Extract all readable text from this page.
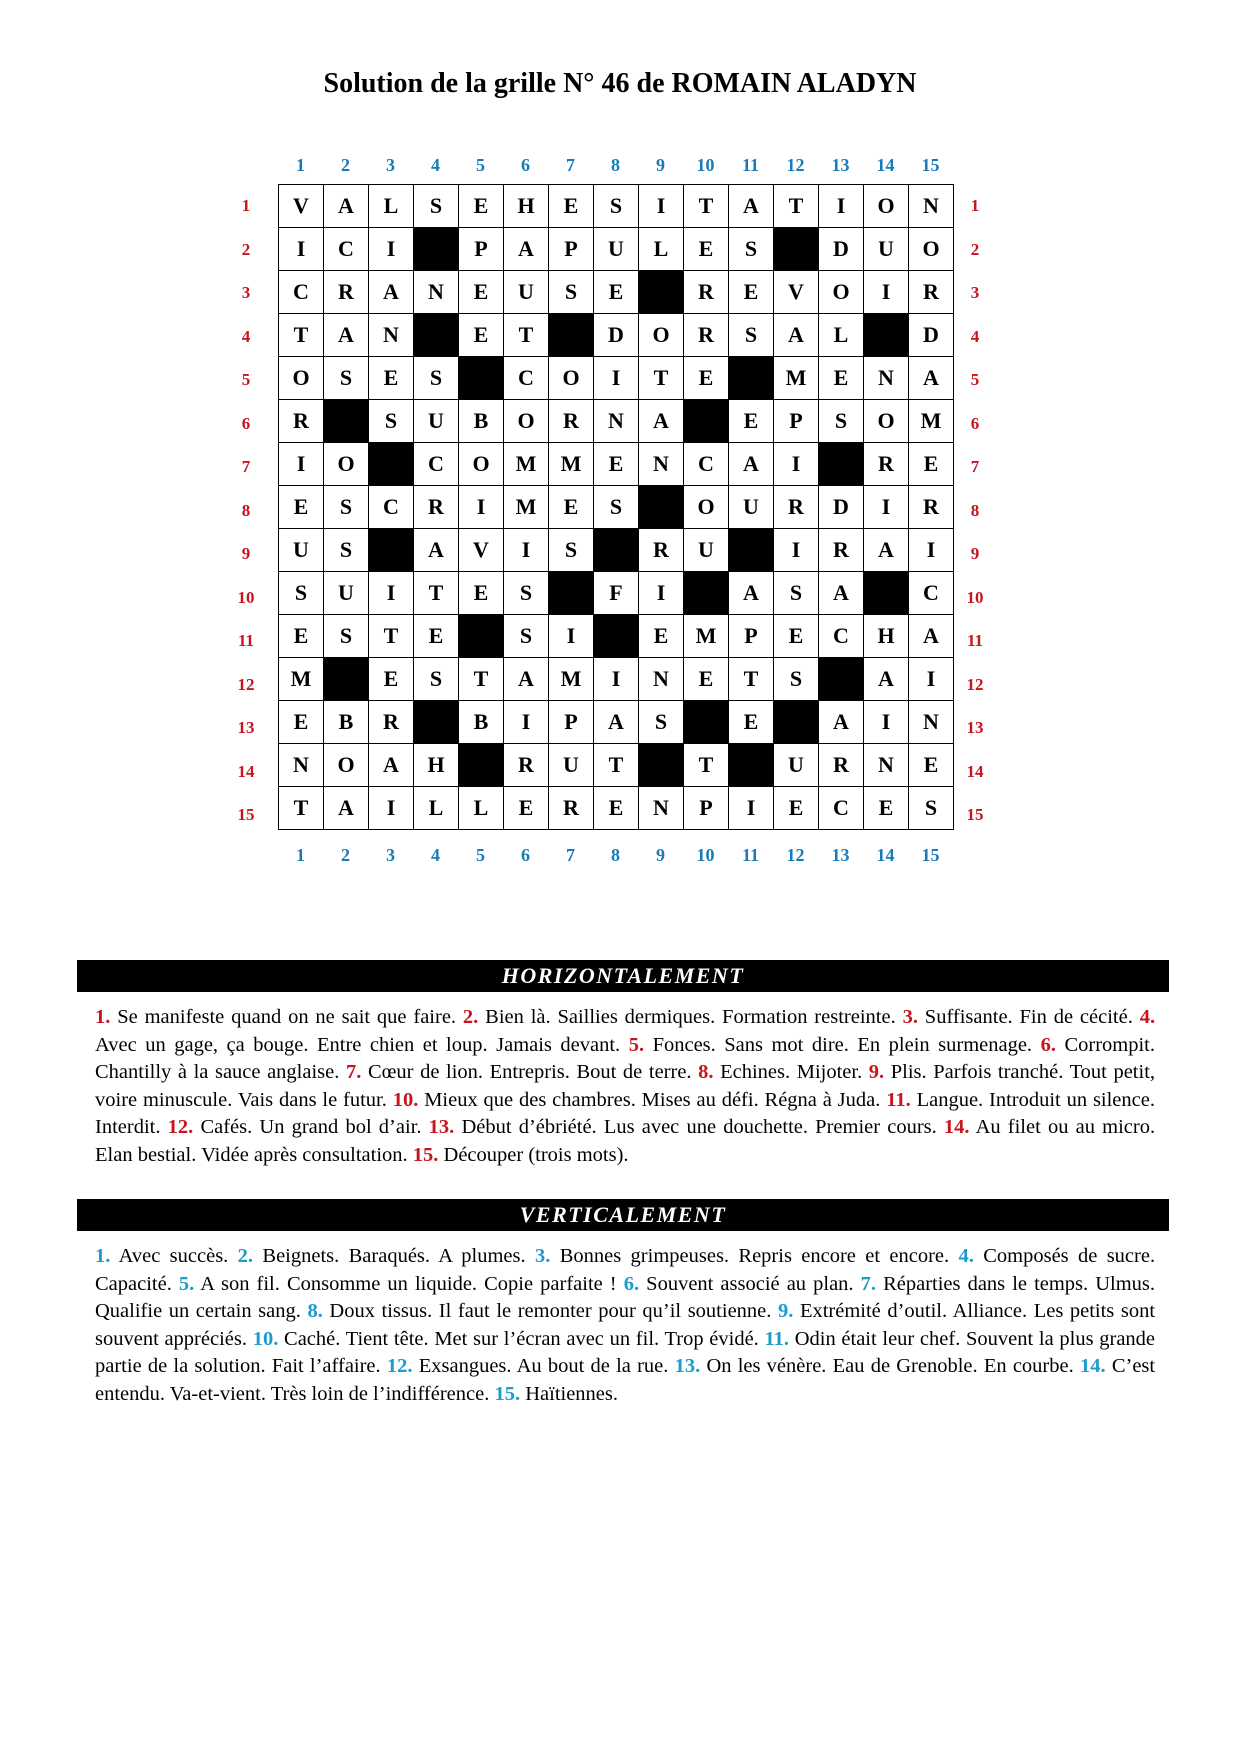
Solution de la grille N° 46 de ROMAIN ALADYN
1	2	3	4	5	6	7	8	9	10	11	12	13	14	15
1
2
3
4
5
6
7
8
9
10
11
12
13
14
15
V	A	L	S	E	H	E	S	I	T	A	T	I	O	N
I	C	I		P	A	P	U	L	E	S		D	U	O
C	R	A	N	E	U	S	E		R	E	V	O	I	R
T	A	N		E	T		D	O	R	S	A	L		D
O	S	E	S		C	O	I	T	E		M	E	N	A
R		S	U	B	O	R	N	A		E	P	S	O	M
I	O		C	O	M	M	E	N	C	A	I		R	E
E	S	C	R	I	M	E	S		O	U	R	D	I	R
U	S		A	V	I	S		R	U		I	R	A	I
S	U	I	T	E	S		F	I		A	S	A		C
E	S	T	E		S	I		E	M	P	E	C	H	A
M		E	S	T	A	M	I	N	E	T	S		A	I
E	B	R		B	I	P	A	S		E		A	I	N
N	O	A	H		R	U	T		T		U	R	N	E
T	A	I	L	L	E	R	E	N	P	I	E	C	E	S
1
2
3
4
5
6
7
8
9
10
11
12
13
14
15
1	2	3	4	5	6	7	8	9	10	11	12	13	14	15
HORIZONTALEMENT
1. Se manifeste quand on ne sait que faire. 2. Bien là. Saillies dermiques. Formation restreinte. 3. Suffisante. Fin de cécité. 4. Avec un gage, ça bouge. Entre chien et loup. Jamais devant. 5. Fonces. Sans mot dire. En plein surmenage. 6. Corrompit. Chantilly à la sauce anglaise. 7. Cœur de lion. Entrepris. Bout de terre. 8. Echines. Mijoter. 9. Plis. Parfois tranché. Tout petit, voire minuscule. Vais dans le futur. 10. Mieux que des chambres. Mises au défi. Régna à Juda. 11. Langue. Introduit un silence. Interdit. 12. Cafés. Un grand bol d’air. 13. Début d’ébriété. Lus avec une douchette. Premier cours. 14. Au filet ou au micro. Elan bestial. Vidée après consultation. 15. Découper (trois mots).
VERTICALEMENT
1. Avec succès. 2. Beignets. Baraqués. A plumes. 3. Bonnes grimpeuses. Repris encore et encore. 4. Composés de sucre. Capacité. 5. A son fil. Consomme un liquide. Copie parfaite ! 6. Souvent associé au plan. 7. Réparties dans le temps. Ulmus. Qualifie un certain sang. 8. Doux tissus. Il faut le remonter pour qu’il soutienne. 9. Extrémité d’outil. Alliance. Les petits sont souvent appréciés. 10. Caché. Tient tête. Met sur l’écran avec un fil. Trop évidé. 11. Odin était leur chef. Souvent la plus grande partie de la solution. Fait l’affaire. 12. Exsangues. Au bout de la rue. 13. On les vénère. Eau de Grenoble. En courbe. 14. C’est entendu. Va-et-vient. Très loin de l’indifférence. 15. Haïtiennes.
